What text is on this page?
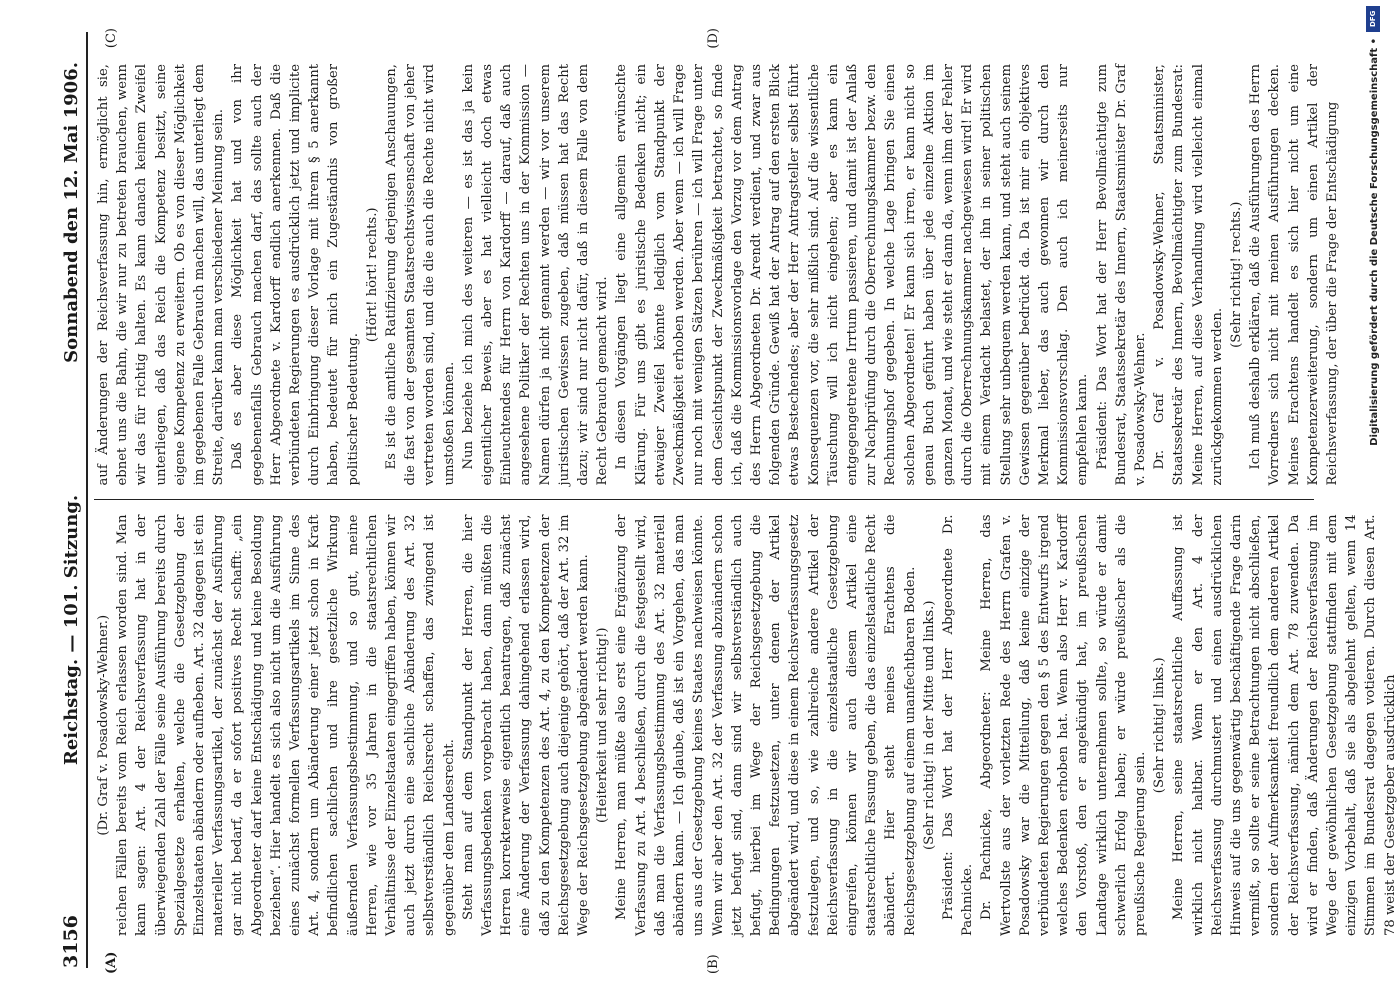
3156
Reichstag. — 101. Sitzung.
Sonnabend den 12. Mai 1906.
(A)	(B)

(Dr. Graf v. Posadowsky-Wehner.) reichen Fällen bereits vom Reich erlassen worden sind. Man kann sagen: Art. 4 der Reichsverfassung hat in der überwiegenden Zahl der Fälle seine Ausführung bereits durch Spezialgesetze erhalten, welche die Gesetzgebung der Einzelstaaten abändern oder aufheben. Art. 32 dagegen ist ein materieller Verfassungsartikel, der zunächst der Ausführung gar nicht bedarf, da er sofort positives Recht schafft: „ein Abgeordneter darf keine Entschädigung und keine Besoldung beziehen“. Hier handelt es sich also nicht um die Ausführung eines zunächst formellen Verfassungsartikels im Sinne des Art. 4, sondern um Abänderung einer jetzt schon in Kraft befindlichen sachlichen und ihre gesetzliche Wirkung äußernden Verfassungsbestimmung, und so gut, meine Herren, wie vor 35 Jahren in die staatsrechtlichen Verhältnisse der Einzelstaaten eingegriffen haben, können wir auch jetzt durch eine sachliche Abänderung des Art. 32 selbstverständlich Reichsrecht schaffen, das zwingend ist gegenüber dem Landesrecht. Steht man auf dem Standpunkt der Herren, die hier Verfassungsbedenken vorgebracht haben, dann müßten die Herren korrekterweise eigentlich beantragen, daß zunächst eine Änderung der Verfassung dahingehend erlassen wird, daß zu den Kompetenzen des Art. 4, zu den Kompetenzen der Reichsgesetzgebung auch diejenige gehört, daß der Art. 32 im Wege der Reichsgesetzgebung abgeändert werden kann. (Heiterkeit und sehr richtig!) Meine Herren, man müßte also erst eine Ergänzung der Verfassung zu Art. 4 beschließen, durch die festgestellt wird, daß man die Verfassungsbestimmung des Art. 32 materiell abändern kann. — Ich glaube, daß ist ein Vorgehen, das man uns aus der Gesetzgebung keines Staates nachweisen könnte. Wenn wir aber den Art. 32 der Verfassung abzuändern schon jetzt befugt sind, dann sind wir selbstverständlich auch befugt, hierbei im Wege der Reichsgesetzgebung die Bedingungen festzusetzen, unter denen der Artikel abgeändert wird, und diese in einem Reichsverfassungsgesetz festzulegen, und so, wie zahlreiche andere Artikel der Reichsverfassung in die einzelstaatliche Gesetzgebung eingreifen, können wir auch diesem Artikel eine staatsrechtliche Fassung geben, die das einzelstaatliche Recht abändert. Hier steht meines Erachtens die Reichsgesetzgebung auf einem unanfechtbaren Boden. (Sehr richtig! in der Mitte und links.) Präsident: Das Wort hat der Herr Abgeordnete Dr. Pachnicke. Dr. Pachnicke, Abgeordneter: Meine Herren, das Wertvollste aus der vorletzten Rede des Herrn Grafen v. Posadowsky war die Mitteilung, daß keine einzige der verbündeten Regierungen gegen den § 5 des Entwurfs irgend welches Bedenken erhoben hat. Wenn also Herr v. Kardorff den Vorstoß, den er angekündigt hat, im preußischen Landtage wirklich unternehmen sollte, so würde er damit schwerlich Erfolg haben; er würde preußischer als die preußische Regierung sein.

(Sehr richtig! links.) Meine Herren, seine staatsrechtliche Auffassung ist wirklich nicht haltbar. Wenn er den Art. 4 der Reichsverfassung durchmustert und einen ausdrücklichen Hinweis auf die uns gegenwärtig beschäftigende Frage darin vermißt, so sollte er seine Betrachtungen nicht abschließen, sondern der Aufmerksamkeit freundlich dem anderen Artikel der Reichsverfassung, nämlich dem Art. 78 zuwenden. Da wird er finden, daß Änderungen der Reichsverfassung im Wege der gewöhnlichen Gesetzgebung stattfinden mit dem einzigen Vorbehalt, daß sie als abgelehnt gelten, wenn 14 Stimmen im Bundesrat dagegen votieren. Durch diesen Art. 78 weist der Gesetzgeber ausdrücklich

(C)	(D)

auf Änderungen der Reichsverfassung hin, ermöglicht sie, ebnet uns die Bahn, die wir nur zu betreten brauchen, wenn wir das für richtig halten. Es kann danach keinem Zweifel unterliegen, daß das Reich die Kompetenz besitzt, seine eigene Kompetenz zu erweitern. Ob es von dieser Möglichkeit im gegebenen Falle Gebrauch machen will, das unterliegt dem Streite, darüber kann man verschiedener Meinung sein. Daß es aber diese Möglichkeit hat und von ihr gegebenenfalls Gebrauch machen darf, das sollte auch der Herr Abgeordnete v. Kardorff endlich anerkennen. Daß die verbündeten Regierungen es ausdrücklich jetzt und implicite durch Einbringung dieser Vorlage mit ihrem § 5 anerkannt haben, bedeutet für mich ein Zugeständnis von großer politischer Bedeutung.

(Hört! hört! rechts.) Es ist die amtliche Ratifizierung derjenigen Anschauungen, die fast von der gesamten Staatsrechtswissenschaft von jeher vertreten worden sind, und die die auch die Rechte nicht wird umstoßen können. Nun beziehe ich mich des weiteren — es ist das ja kein eigentlicher Beweis, aber es hat vielleicht doch etwas Einleuchtendes für Herrn von Kardorff — darauf, daß auch angesehene Politiker der Rechten uns in der Kommission — Namen dürfen ja nicht genannt werden — wir vor unserem juristischen Gewissen zugeben, daß müssen hat das Recht dazu; wir sind nur nicht dafür, daß in diesem Falle von dem Recht Gebrauch gemacht wird. In diesen Vorgängen liegt eine allgemein erwünschte Klärung. Für uns gibt es juristische Bedenken nicht; ein etwaiger Zweifel könnte lediglich vom Standpunkt der Zweckmäßigkeit erhoben werden. Aber wenn — ich will Frage nur noch mit wenigen Sätzen berühren — ich will Frage unter dem Gesichtspunkt der Zweckmäßigkeit betrachtet, so finde ich, daß die Kommissionsvorlage den Vorzug vor dem Antrag des Herrn Abgeordneten Dr. Arendt verdient, und zwar aus folgenden Gründe. Gewiß hat der Antrag auf den ersten Blick etwas Bestechendes; aber der Herr Antragsteller selbst führt Konsequenzen vor, die sehr mißlich sind. Auf die wissentliche Täuschung will ich nicht eingehen; aber es kann ein entgegengetretene Irrtum passieren, und damit ist der Anlaß zur Nachprüfung durch die Oberrechnungskammer bezw. den Rechnungshof gegeben. In welche Lage bringen Sie einen solchen Abgeordneten! Er kann sich irren, er kann nicht so genau Buch geführt haben über jede einzelne Aktion im ganzen Monat, und wie steht er dann da, wenn ihm der Fehler durch die Oberrechnungskammer nachgewiesen wird! Er wird mit einem Verdacht belastet, der ihn in seiner politischen Stellung sehr unbequem werden kann, und steht auch seinem Gewissen gegenüber bedrückt da. Da ist mir ein objektives Merkmal lieber, das auch gewonnen wir durch den Kommissionsvorschlag. Den auch ich meinerseits nur empfehlen kann. Präsident: Das Wort hat der Herr Bevollmächtigte zum Bundesrat, Staatssekretär des Innern, Staatsminister Dr. Graf v. Posadowsky-Wehner. Dr. Graf v. Posadowsky-Wehner, Staatsminister, Staatssekretär des Innern, Bevollmächtigter zum Bundesrat: Meine Herren, auf diese Verhandlung wird vielleicht einmal zurückgekommen werden.

(Sehr richtig! rechts.) Ich muß deshalb erklären, daß die Ausführungen des Herrn Vorredners sich nicht mit meinen Ausführungen decken. Meines Erachtens handelt es sich hier nicht um eine Kompetenzerweiterung, sondern um einen Artikel der Reichsverfassung, der über die Frage der Entschädigung

DFG
Digitalisierung gefördert durch die Deutsche Forschungsgemeinschaft •
